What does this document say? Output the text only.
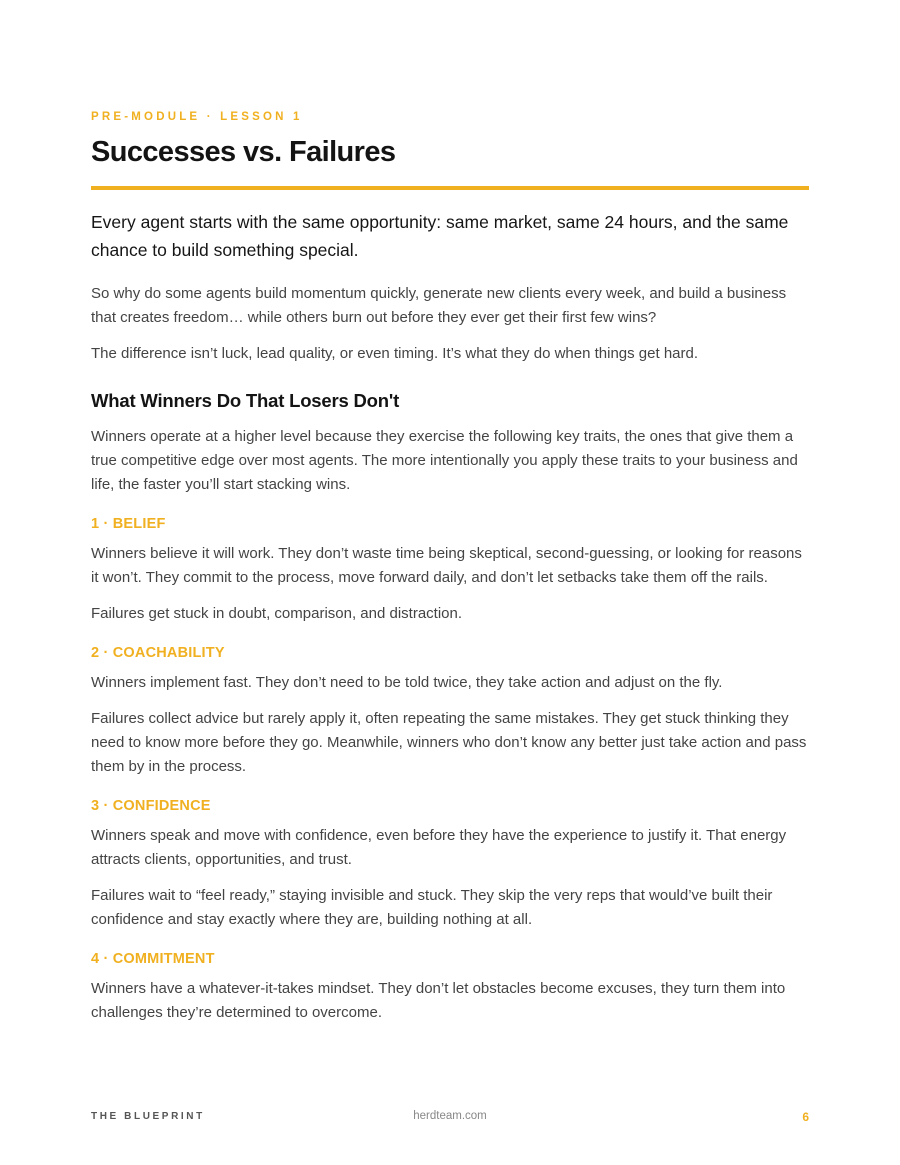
PRE-MODULE · LESSON 1
Successes vs. Failures

Every agent starts with the same opportunity: same market, same 24 hours, and the same chance to build something special.

So why do some agents build momentum quickly, generate new clients every week, and build a business that creates freedom… while others burn out before they ever get their first few wins?

The difference isn’t luck, lead quality, or even timing. It’s what they do when things get hard.

What Winners Do That Losers Don't

Winners operate at a higher level because they exercise the following key traits, the ones that give them a true competitive edge over most agents. The more intentionally you apply these traits to your business and life, the faster you’ll start stacking wins.

1 · BELIEF

Winners believe it will work. They don’t waste time being skeptical, second-guessing, or looking for reasons it won’t. They commit to the process, move forward daily, and don’t let setbacks take them off the rails.

Failures get stuck in doubt, comparison, and distraction.

2 · COACHABILITY

Winners implement fast. They don’t need to be told twice, they take action and adjust on the fly.

Failures collect advice but rarely apply it, often repeating the same mistakes. They get stuck thinking they need to know more before they go. Meanwhile, winners who don’t know any better just take action and pass them by in the process.

3 · CONFIDENCE

Winners speak and move with confidence, even before they have the experience to justify it. That energy attracts clients, opportunities, and trust.

Failures wait to “feel ready,” staying invisible and stuck. They skip the very reps that would’ve built their confidence and stay exactly where they are, building nothing at all.

4 · COMMITMENT

Winners have a whatever-it-takes mindset. They don’t let obstacles become excuses, they turn them into challenges they’re determined to overcome.

THE BLUEPRINT	herdteam.com	6
